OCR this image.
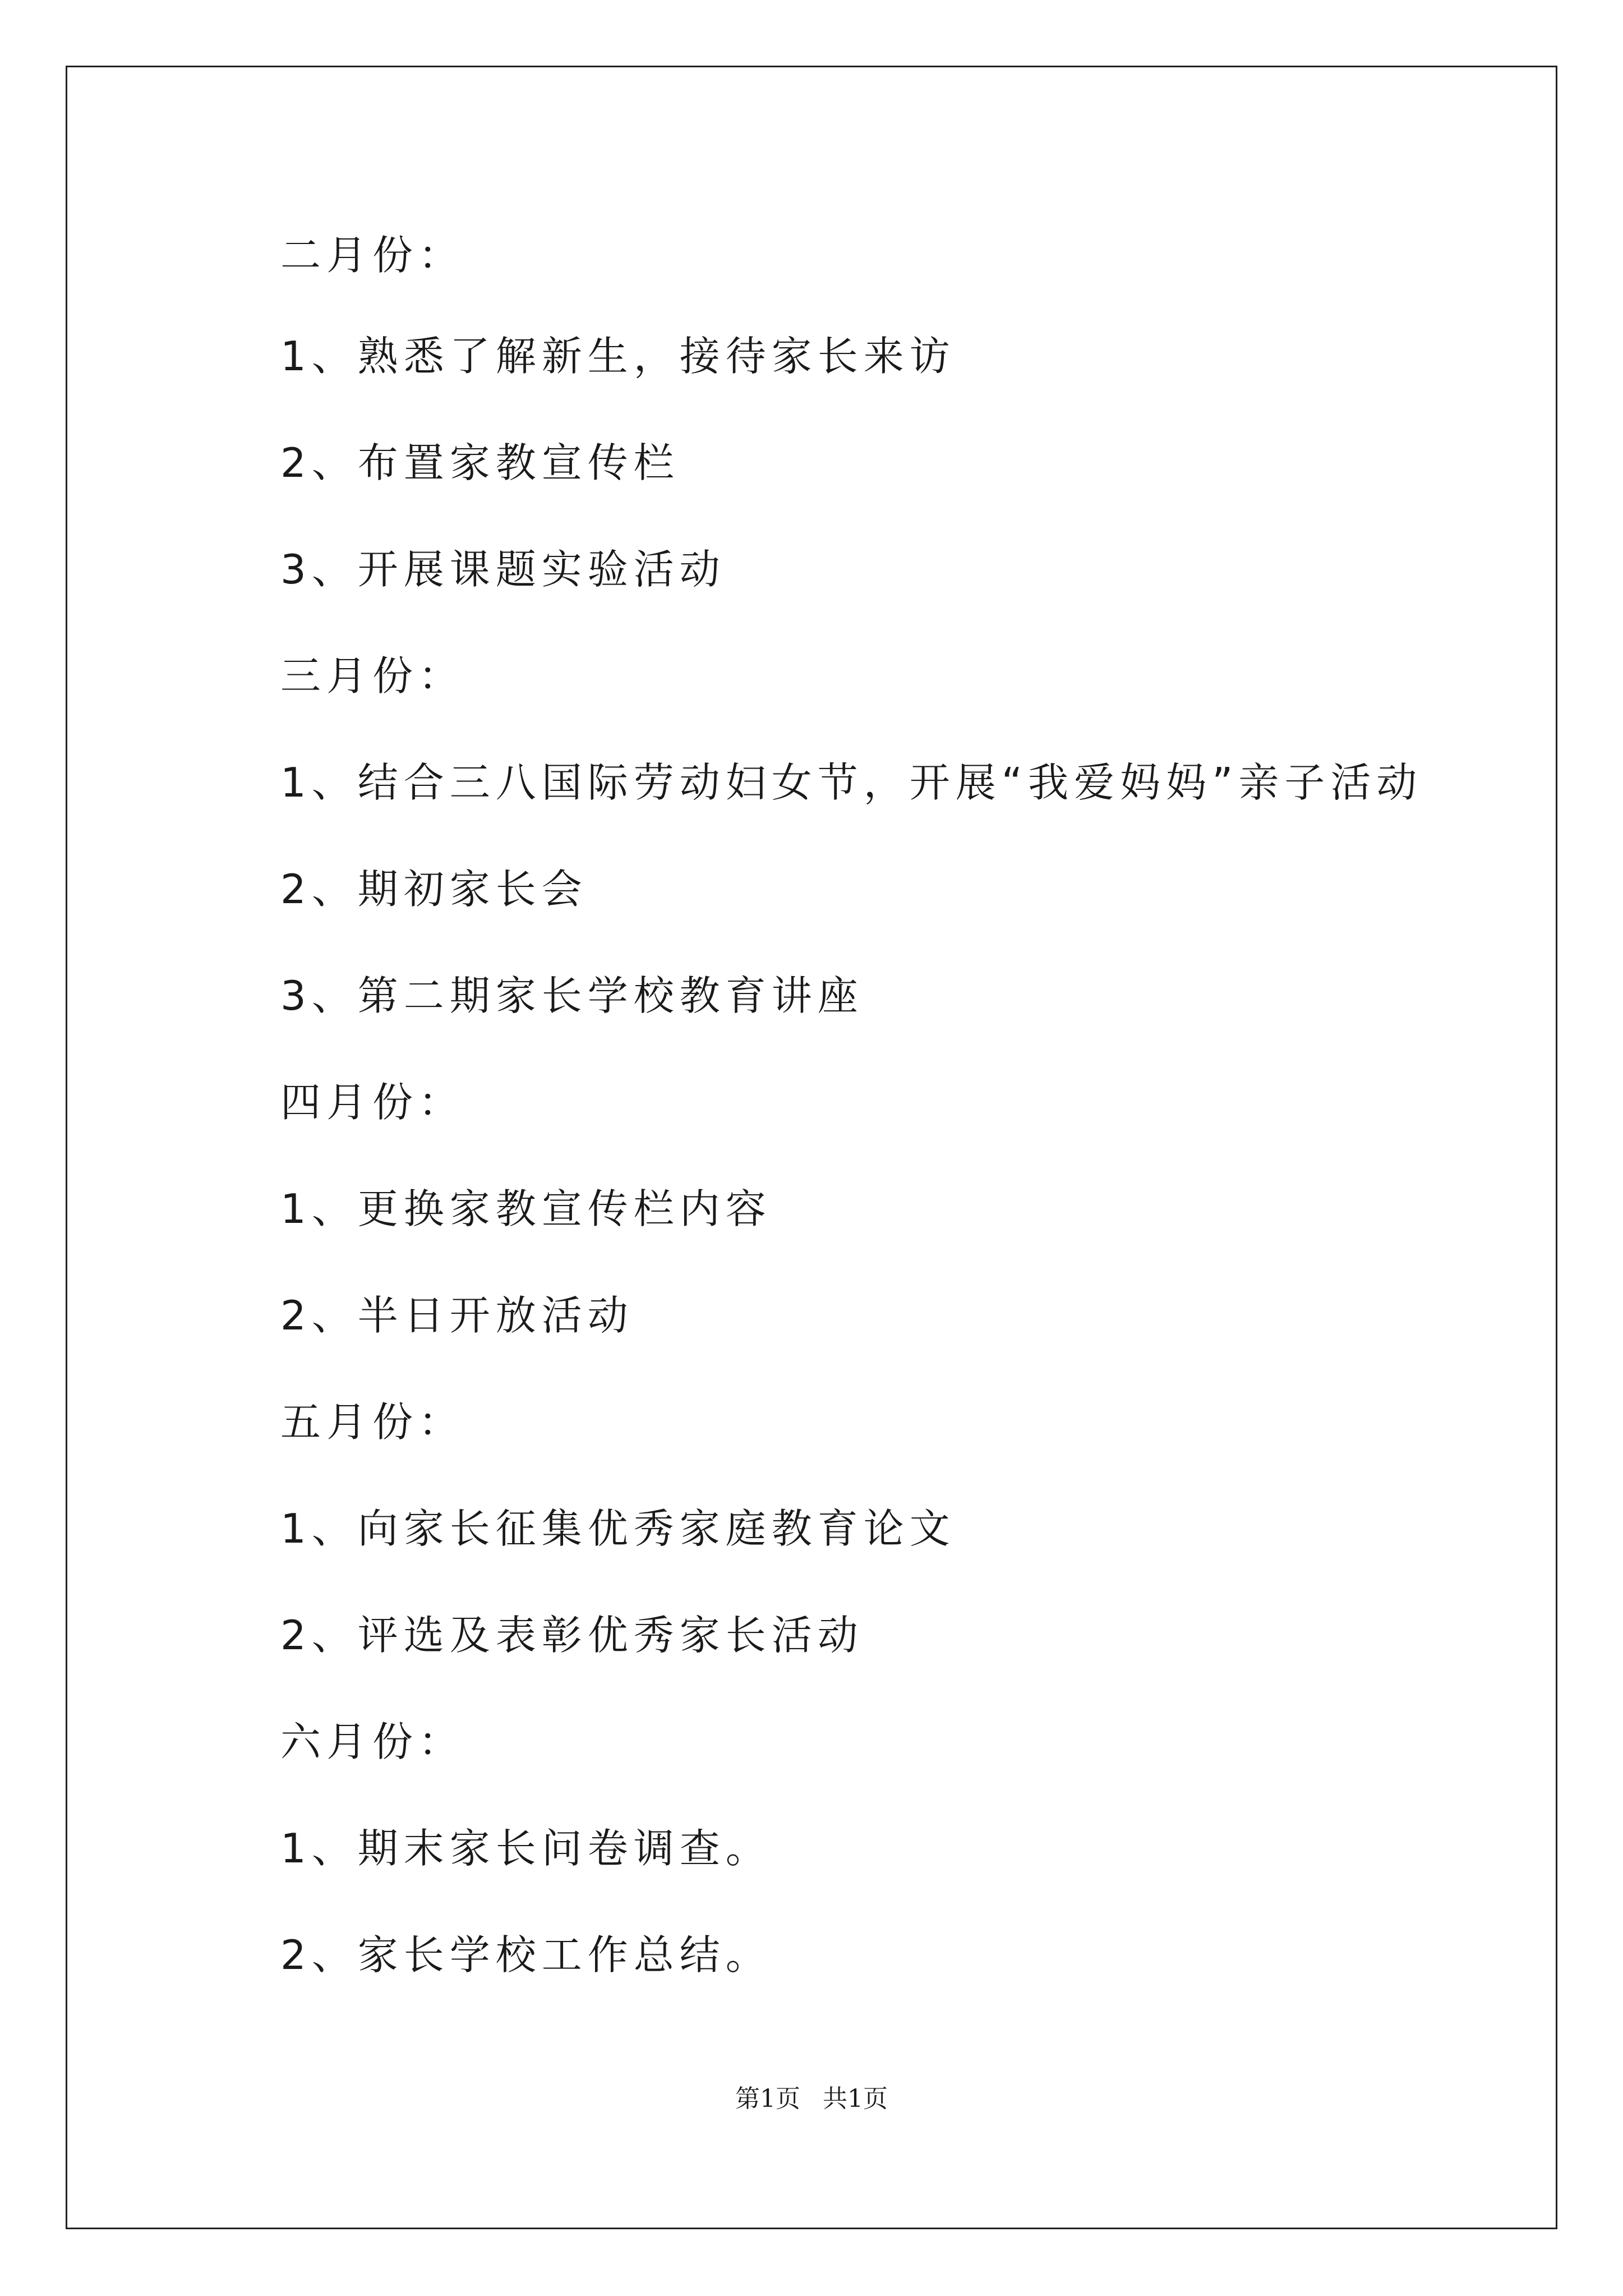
二月份：
1、熟悉了解新生，接待家长来访
2、布置家教宣传栏
3、开展课题实验活动
三月份：
1、结合三八国际劳动妇女节，开展“我爱妈妈”亲子活动
2、期初家长会
3、第二期家长学校教育讲座
四月份：
1、更换家教宣传栏内容
2、半日开放活动
五月份：
1、向家长征集优秀家庭教育论文
2、评选及表彰优秀家长活动
六月份：
1、期末家长问卷调查。
2、家长学校工作总结。
第1页 共1页
